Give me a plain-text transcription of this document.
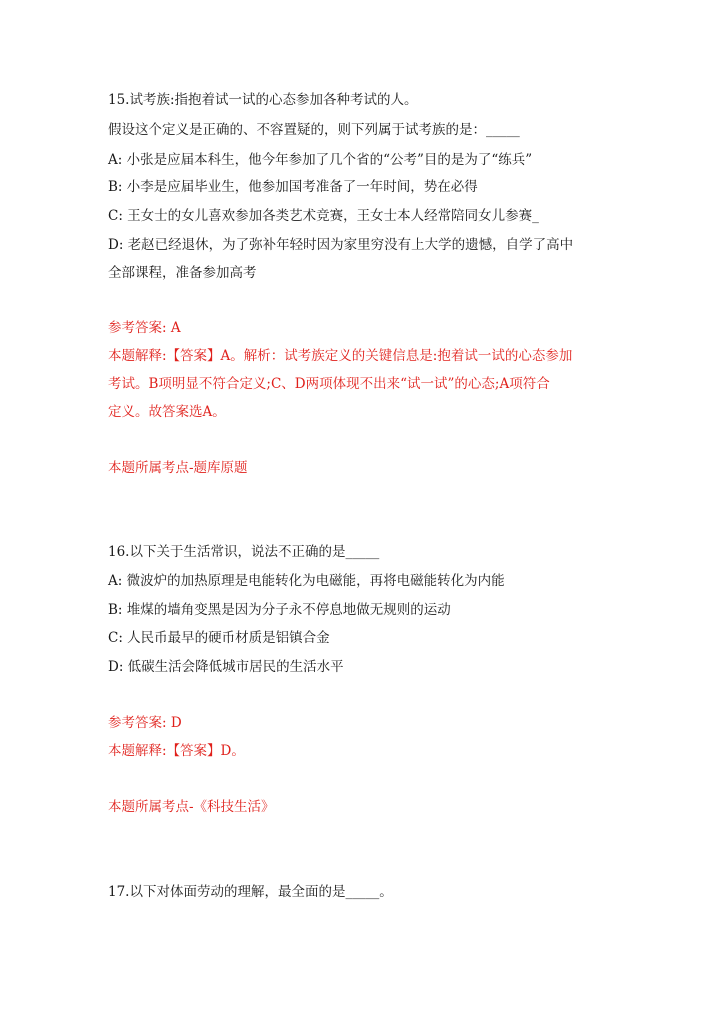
15.试考族:指抱着试一试的心态参加各种考试的人。
假设这个定义是正确的、不容置疑的，则下列属于试考族的是：_____
A: 小张是应届本科生，他今年参加了几个省的“公考”目的是为了“练兵”
B: 小李是应届毕业生，他参加国考准备了一年时间，势在必得
C: 王女士的女儿喜欢参加各类艺术竞赛，王女士本人经常陪同女儿参赛_
D: 老赵已经退休，为了弥补年轻时因为家里穷没有上大学的遗憾，自学了高中
全部课程，准备参加高考
参考答案: A
本题解释:【答案】A。解析：试考族定义的关键信息是:抱着试一试的心态参加
考试。B项明显不符合定义;C、D两项体现不出来“试一试”的心态;A项符合
定义。故答案选A。
本题所属考点-题库原题
16.以下关于生活常识，说法不正确的是_____
A: 微波炉的加热原理是电能转化为电磁能，再将电磁能转化为内能
B: 堆煤的墙角变黑是因为分子永不停息地做无规则的运动
C: 人民币最早的硬币材质是铝镇合金
D: 低碳生活会降低城市居民的生活水平
参考答案: D
本题解释:【答案】D。
本题所属考点-《科技生活》
17.以下对体面劳动的理解，最全面的是_____。
